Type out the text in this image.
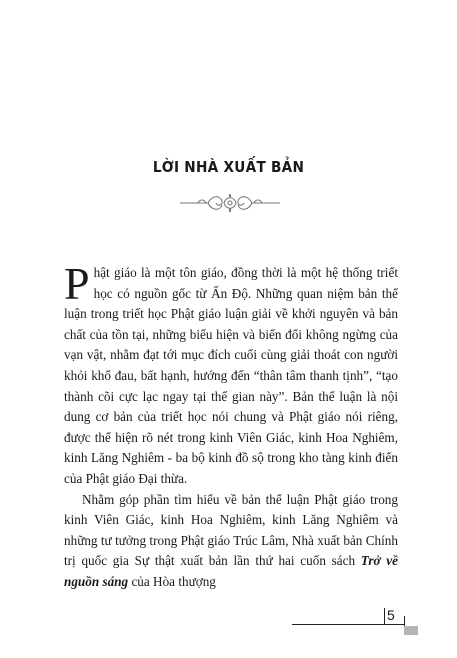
LỜI NHÀ XUẤT BẢN

Phật giáo là một tôn giáo, đồng thời là một hệ thống triết học có nguồn gốc từ Ấn Độ. Những quan niệm bản thể luận trong triết học Phật giáo luận giải về khởi nguyên và bản chất của tồn tại, những biểu hiện và biến đổi không ngừng của vạn vật, nhằm đạt tới mục đích cuối cùng giải thoát con người khỏi khổ đau, bất hạnh, hướng đến “thân tâm thanh tịnh”, “tạo thành cõi cực lạc ngay tại thế gian này”. Bản thể luận là nội dung cơ bản của triết học nói chung và Phật giáo nói riêng, được thể hiện rõ nét trong kinh Viên Giác, kinh Hoa Nghiêm, kinh Lăng Nghiêm - ba bộ kinh đồ sộ trong kho tàng kinh điển của Phật giáo Đại thừa.

Nhằm góp phần tìm hiểu về bản thể luận Phật giáo trong kinh Viên Giác, kinh Hoa Nghiêm, kinh Lăng Nghiêm và những tư tưởng trong Phật giáo Trúc Lâm, Nhà xuất bản Chính trị quốc gia Sự thật xuất bản lần thứ hai cuốn sách Trở về nguồn sáng của Hòa thượng

5
